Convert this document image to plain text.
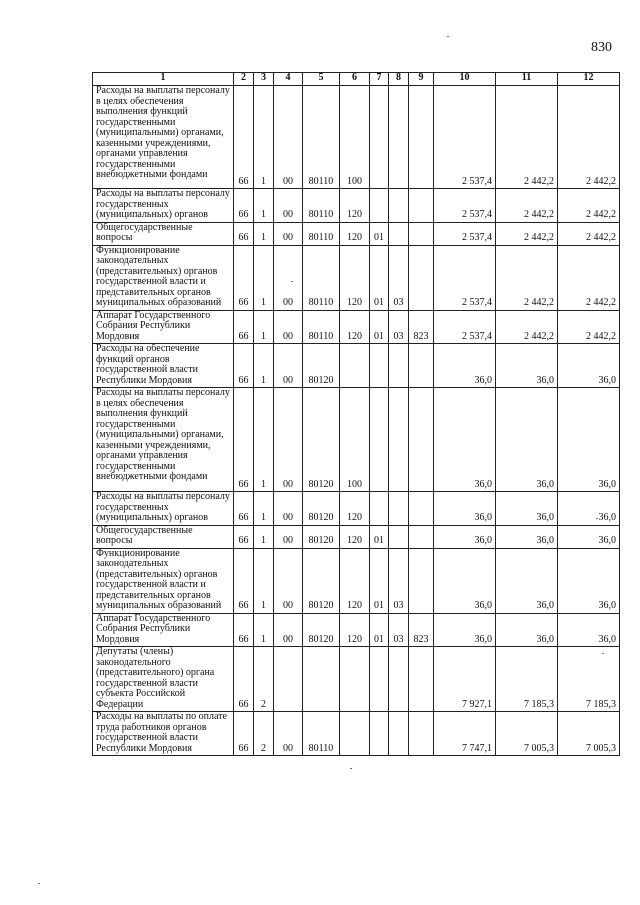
830
1	2	3	4	5	6	7	8	9	10	11	12
Расходы на выплаты персоналу в целях обеспечения выполнения функций государственными (муниципальными) органами, казенными учреждениями, органами управления государственными внебюджетными фондами	66	1	00	80110	100				2 537,4	2 442,2	2 442,2
Расходы на выплаты персоналу государственных (муниципальных) органов	66	1	00	80110	120				2 537,4	2 442,2	2 442,2
Общегосударственные вопросы	66	1	00	80110	120	01			2 537,4	2 442,2	2 442,2
Функционирование законодательных (представительных) органов государственной власти и представительных органов муниципальных образований	66	1	00	80110	120	01	03		2 537,4	2 442,2	2 442,2
Аппарат Государственного Собрания Республики Мордовия	66	1	00	80110	120	01	03	823	2 537,4	2 442,2	2 442,2
Расходы на обеспечение функций органов государственной власти Республики Мордовия	66	1	00	80120					36,0	36,0	36,0
Расходы на выплаты персоналу в целях обеспечения выполнения функций государственными (муниципальными) органами, казенными учреждениями, органами управления государственными внебюджетными фондами	66	1	00	80120	100				36,0	36,0	36,0
Расходы на выплаты персоналу государственных (муниципальных) органов	66	1	00	80120	120				36,0	36,0	36,0
Общегосударственные вопросы	66	1	00	80120	120	01			36,0	36,0	36,0
Функционирование законодательных (представительных) органов государственной власти и представительных органов муниципальных образований	66	1	00	80120	120	01	03		36,0	36,0	36,0
Аппарат Государственного Собрания Республики Мордовия	66	1	00	80120	120	01	03	823	36,0	36,0	36,0
Депутаты (члены) законодательного (представительного) органа государственной власти субъекта Российской Федерации	66	2							7 927,1	7 185,3	7 185,3
Расходы на выплаты по оплате труда работников органов государственной власти Республики Мордовия	66	2	00	80110					7 747,1	7 005,3	7 005,3
